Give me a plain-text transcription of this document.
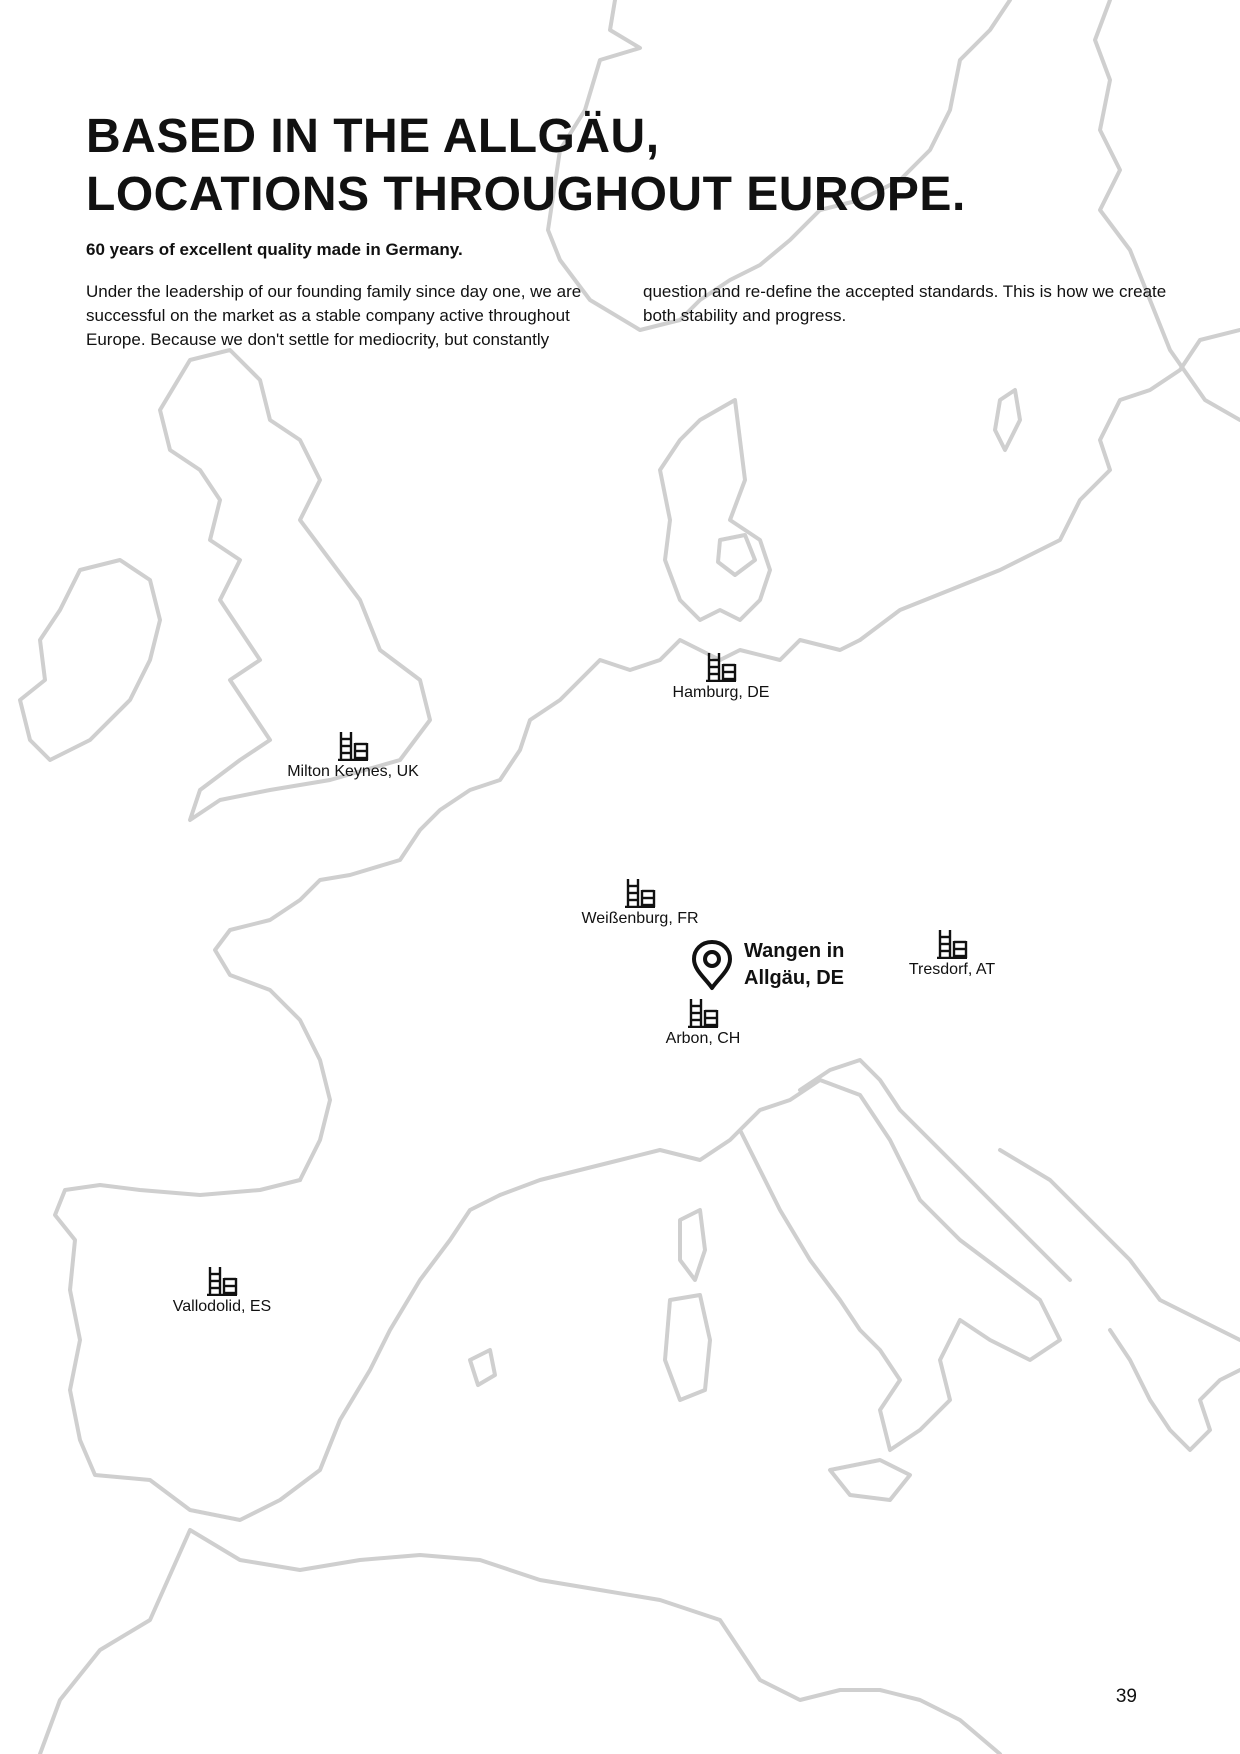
BASED IN THE ALLGÄU,
LOCATIONS THROUGHOUT EUROPE.

60 years of excellent quality made in Germany.

Under the leadership of our founding family since day one, we are successful on the market as a stable company active throughout Europe. Because we don't settle for mediocrity, but constantly

question and re-define the accepted standards. This is how we create both stability and progress.

Hamburg, DE
Milton Keynes, UK
Weißenburg, FR
Tresdorf, AT
Arbon, CH
Vallodolid, ES
Wangen in Allgäu, DE
39
